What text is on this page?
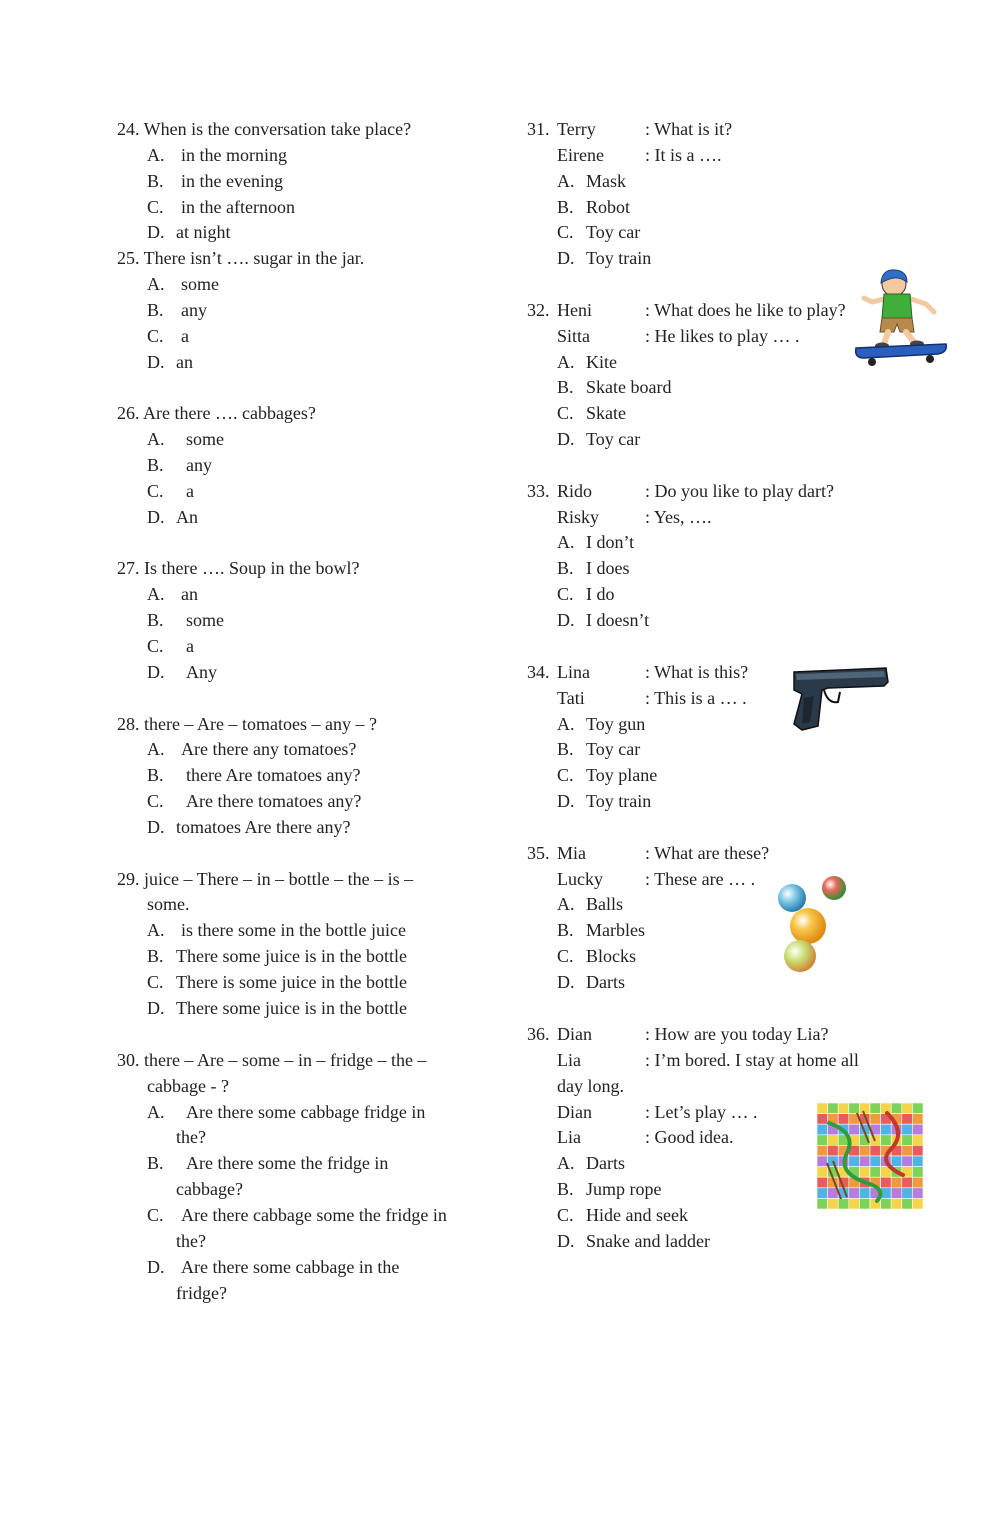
24. When is the conversation take place?
A. in the morning
B. in the evening
C. in the afternoon
D. at night
25. There isn’t …. sugar in the jar.
A. some
B. any
C. a
D. an
26. Are there …. cabbages?
A. some
B. any
C. a
D. An
27. Is there …. Soup in the bowl?
A. an
B. some
C. a
D. Any
28. there – Are – tomatoes – any – ?
A. Are there any tomatoes?
B. there Are tomatoes any?
C. Are there tomatoes any?
D. tomatoes Are there any?
29. juice – There – in – bottle – the – is –
some.
A. is there some in the bottle juice
B. There some juice is in the bottle
C. There is some juice in the bottle
D. There some juice is in the bottle
30. there – Are – some – in – fridge – the –
cabbage - ?
A. Are there some cabbage fridge in
the?
B. Are there some the fridge in
cabbage?
C. Are there cabbage some the fridge in
the?
D. Are there some cabbage in the
fridge?
31. Terry	: What is it?
Eirene : It is a ….
A. Mask
B. Robot
C. Toy car
D. Toy train
32. Heni	: What does he like to play?
Sitta	: He likes to play … .
A. Kite
B. Skate board
C. Skate
D. Toy car
33. Rido	: Do you like to play dart?
Risky	: Yes, ….
A. I don’t
B. I does
C. I do
D. I doesn’t
34. Lina	: What is this?
Tati	: This is a … .
A. Toy gun
B. Toy car
C. Toy plane
D. Toy train
35. Mia	: What are these?
Lucky : These are … .
A. Balls
B. Marbles
C. Blocks
D. Darts
36. Dian	: How are you today Lia?
Lia	: I’m bored. I stay at home all
day long.
Dian	: Let’s play … .
Lia	: Good idea.
A. Darts
B. Jump rope
C. Hide and seek
D. Snake and ladder
